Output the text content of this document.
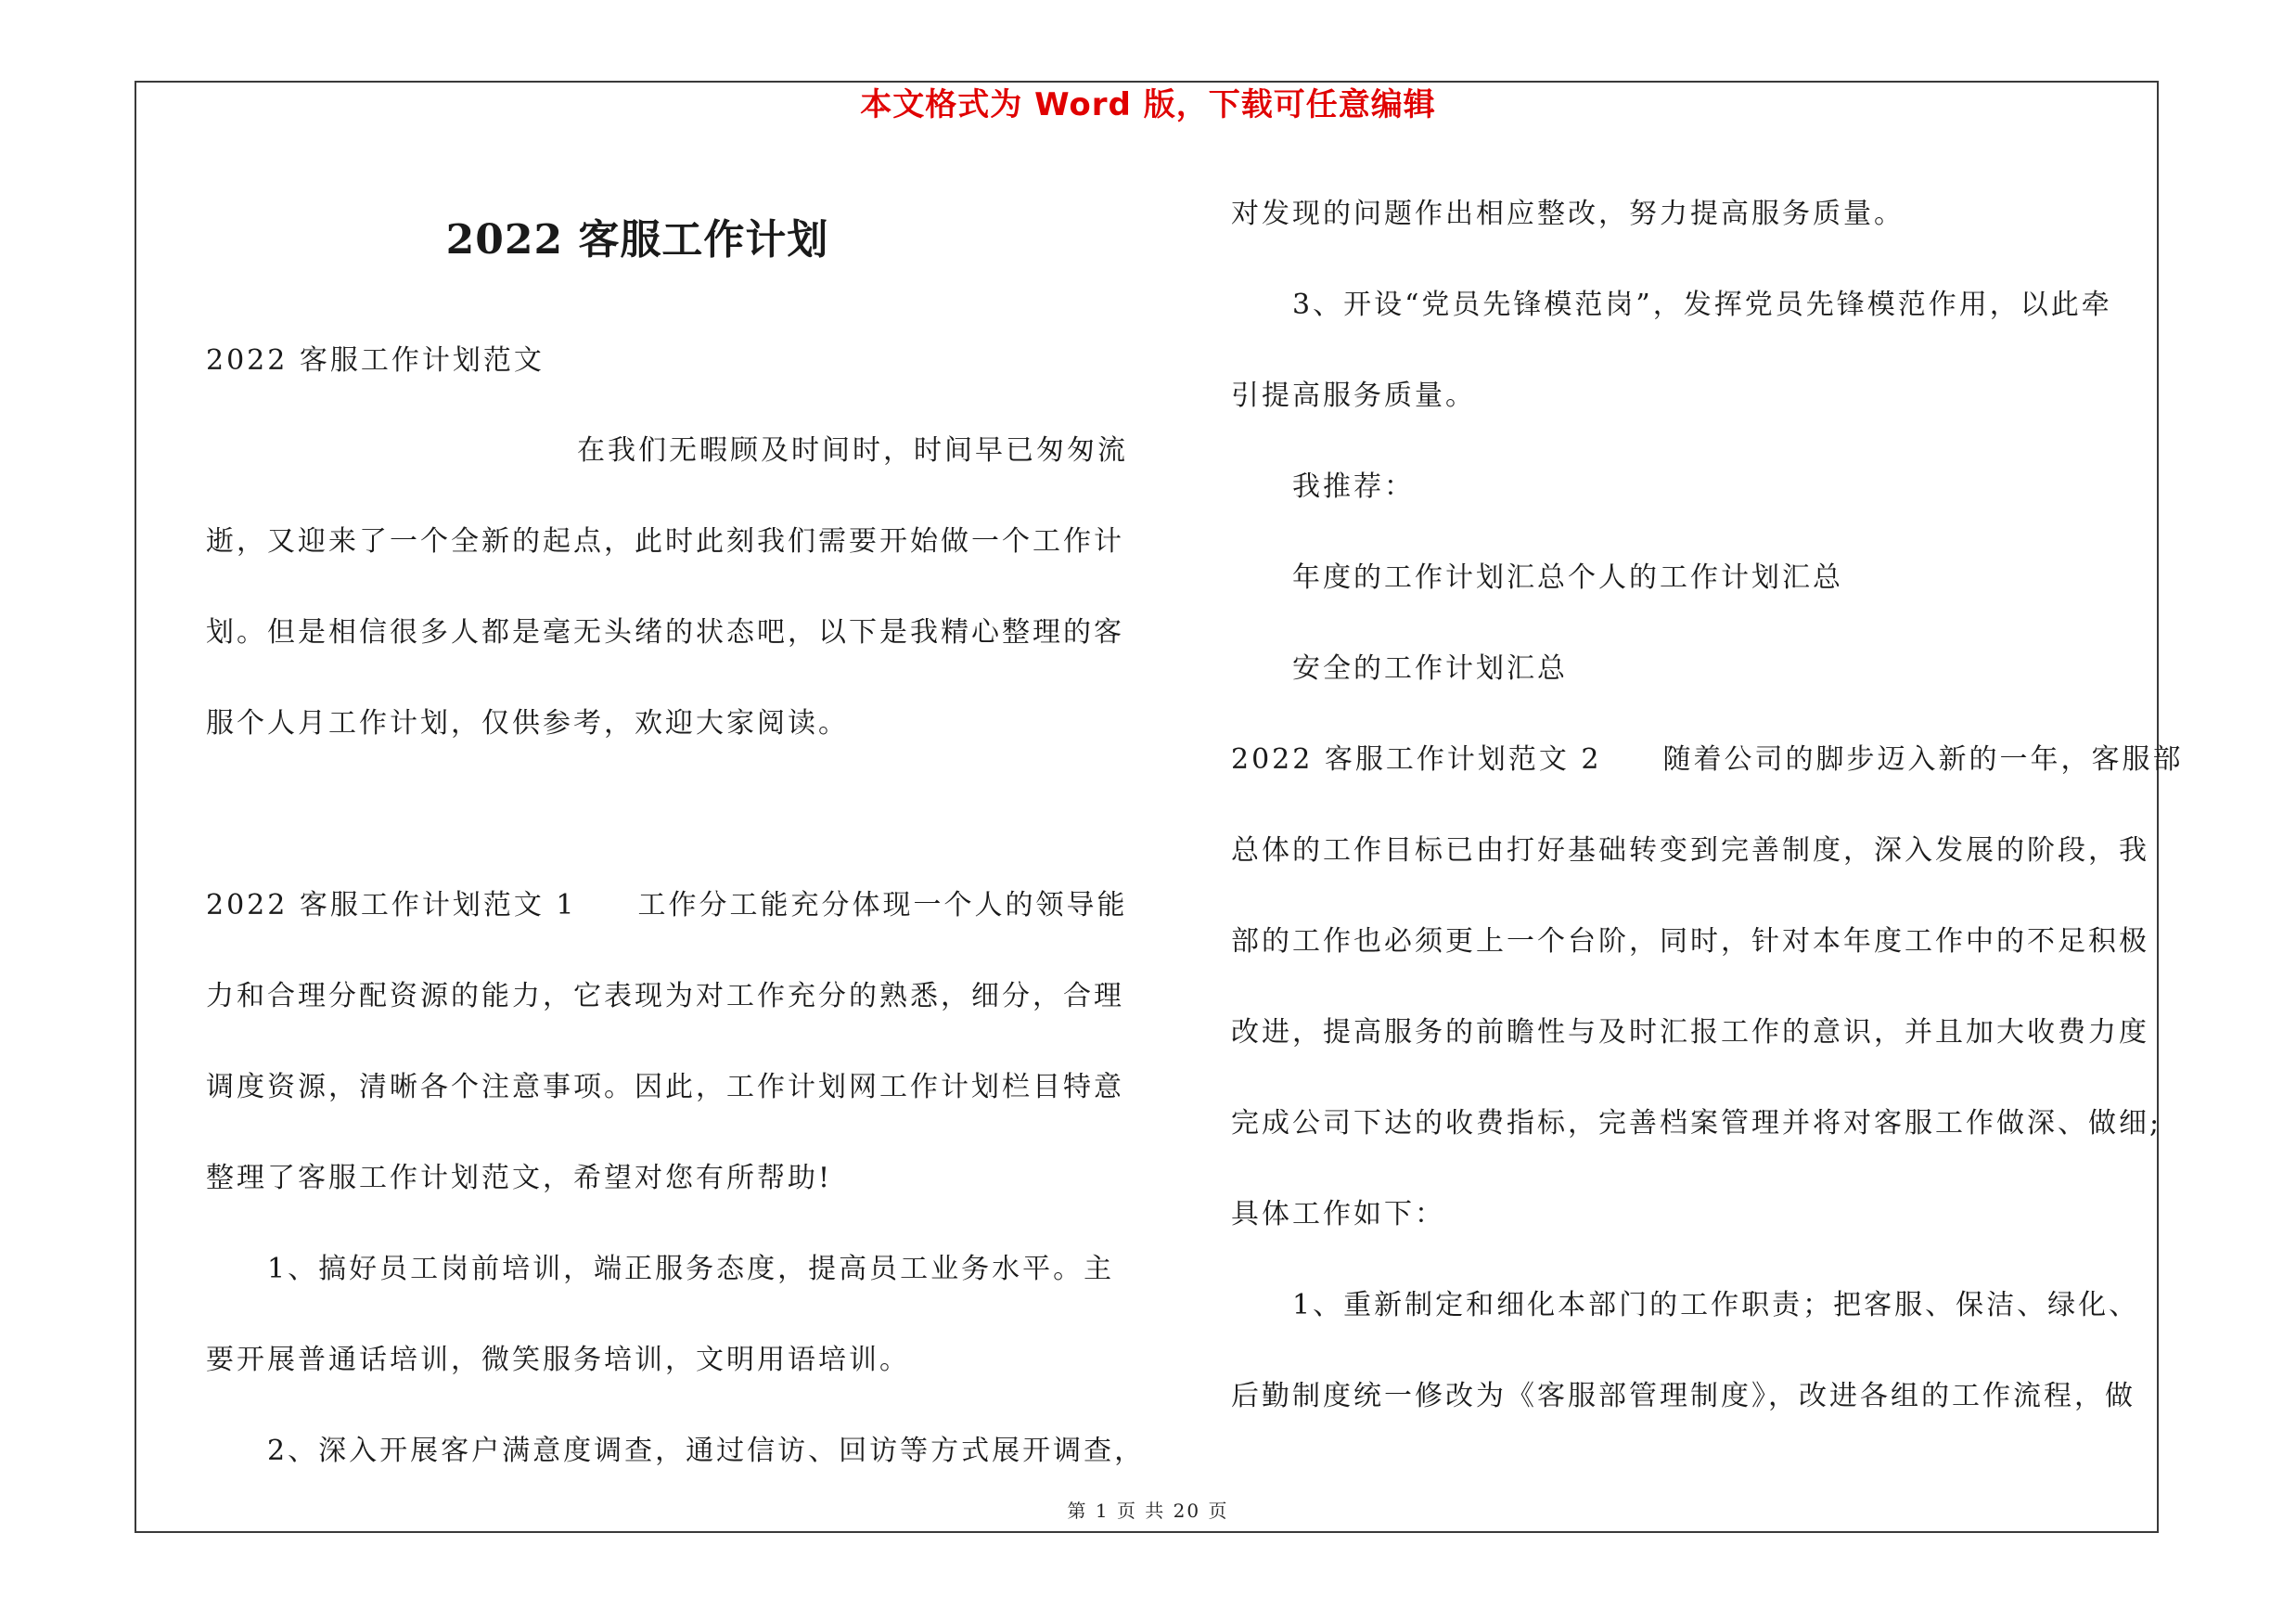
本文格式为 Word 版，下载可任意编辑
2022 客服工作计划
2022 客服工作计划范文
在我们无暇顾及时间时，时间早已匆匆流
逝，又迎来了一个全新的起点，此时此刻我们需要开始做一个工作计
划。但是相信很多人都是毫无头绪的状态吧，以下是我精心整理的客
服个人月工作计划，仅供参考，欢迎大家阅读。
2022 客服工作计划范文 1　　工作分工能充分体现一个人的领导能
力和合理分配资源的能力，它表现为对工作充分的熟悉，细分，合理
调度资源，清晰各个注意事项。因此，工作计划网工作计划栏目特意
整理了客服工作计划范文，希望对您有所帮助!
1、搞好员工岗前培训，端正服务态度，提高员工业务水平。主
要开展普通话培训，微笑服务培训，文明用语培训。
2、深入开展客户满意度调查，通过信访、回访等方式展开调查，
对发现的问题作出相应整改，努力提高服务质量。
3、开设“党员先锋模范岗”，发挥党员先锋模范作用，以此牵
引提高服务质量。
我推荐：
年度的工作计划汇总个人的工作计划汇总
安全的工作计划汇总
2022 客服工作计划范文 2　　随着公司的脚步迈入新的一年，客服部
总体的工作目标已由打好基础转变到完善制度，深入发展的阶段，我
部的工作也必须更上一个台阶，同时，针对本年度工作中的不足积极
改进，提高服务的前瞻性与及时汇报工作的意识，并且加大收费力度
完成公司下达的收费指标，完善档案管理并将对客服工作做深、做细;
具体工作如下：
1、重新制定和细化本部门的工作职责；把客服、保洁、绿化、
后勤制度统一修改为《客服部管理制度》，改进各组的工作流程，做
第 1 页 共 20 页
